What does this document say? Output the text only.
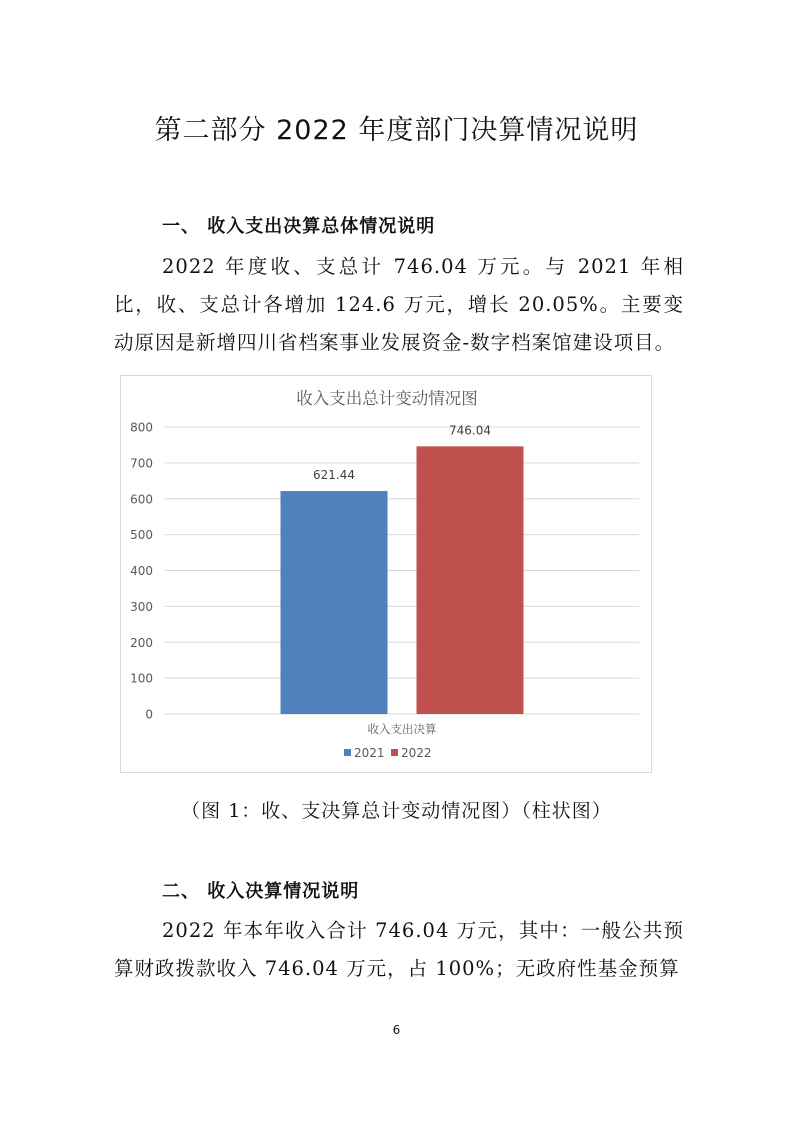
第二部分 2022 年度部门决算情况说明
一、 收入支出决算总体情况说明

2022 年度收、支总计 746.04 万元。与 2021 年相比，收、支总计各增加 124.6 万元，增长 20.05%。主要变动原因是新增四川省档案事业发展资金-数字档案馆建设项目。

收入支出总计变动情况图
0
100
200
300
400
500
600
700
800
621.44
746.04
收入支出决算
2021 2022

（图 1：收、支决算总计变动情况图）（柱状图）

二、 收入决算情况说明

2022 年本年收入合计 746.04 万元，其中：一般公共预算财政拨款收入 746.04 万元，占 100%；无政府性基金预算

6
